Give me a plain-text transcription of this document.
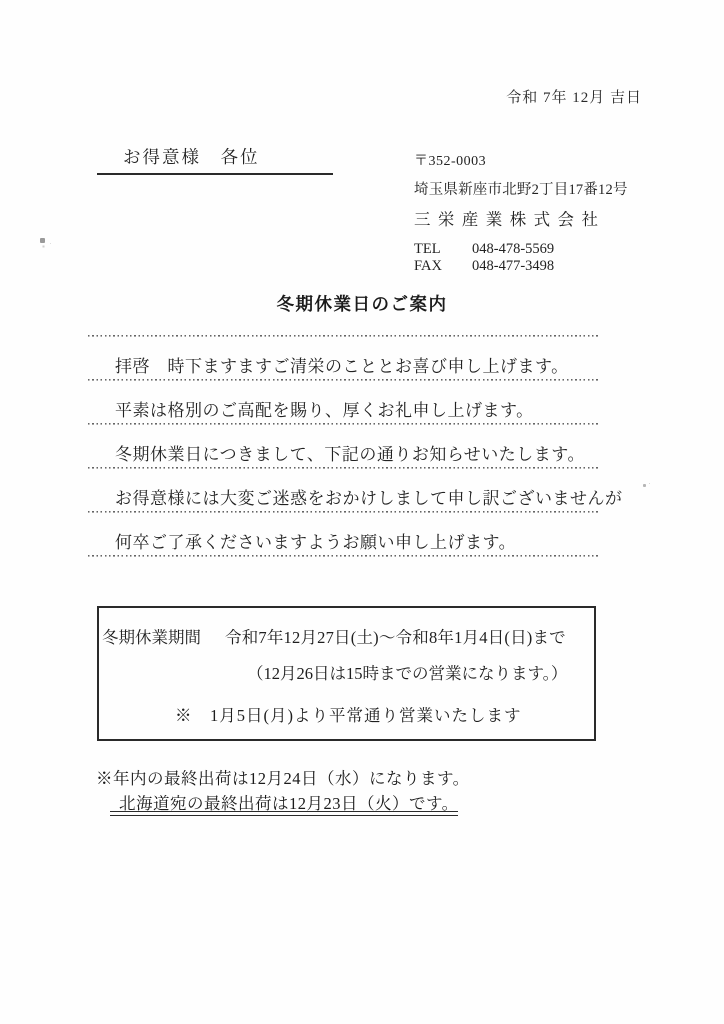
令和 7年 12月 吉日
お得意様　各位	〒352-0003
埼玉県新座市北野2丁目17番12号
三栄産業株式会社
TEL	048-478-5569
FAX	048-477-3498
冬期休業日のご案内
拝啓　時下ますますご清栄のこととお喜び申し上げます。
平素は格別のご高配を賜り、厚くお礼申し上げます。
冬期休業日につきまして、下記の通りお知らせいたします。
お得意様には大変ご迷惑をおかけしまして申し訳ございませんが
何卒ご了承くださいますようお願い申し上げます。
冬期休業期間 令和7年12月27日(土)～令和8年1月4日(日)まで
（12月26日は15時までの営業になります。）
※　1月5日(月)より平常通り営業いたします
※年内の最終出荷は12月24日（水）になります。
北海道宛の最終出荷は12月23日（火）です。
